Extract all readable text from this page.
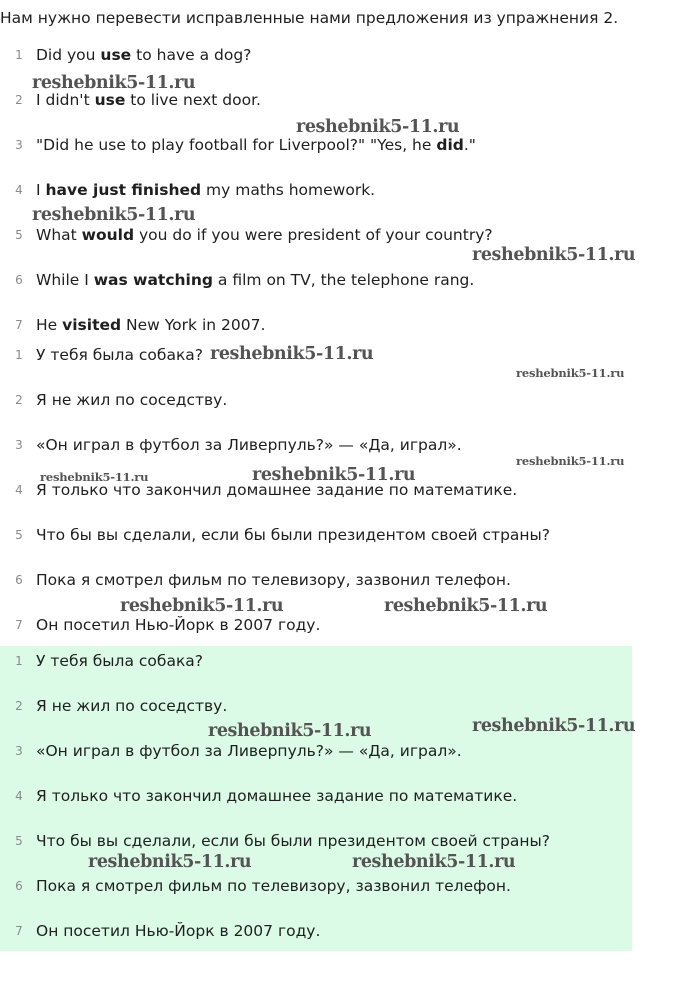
Нам нужно перевести исправленные нами предложения из упражнения 2.
1 Did you use to have a dog?
2 I didn't use to live next door.
3 "Did he use to play football for Liverpool?" "Yes, he did."
4 I have just finished my maths homework.
5 What would you do if you were president of your country?
6 While I was watching a film on TV, the telephone rang.
7 He visited New York in 2007.
1 У тебя была собака?
2 Я не жил по соседству.
3 «Он играл в футбол за Ливерпуль?» — «Да, играл».
4 Я только что закончил домашнее задание по математике.
5 Что бы вы сделали, если бы были президентом своей страны?
6 Пока я смотрел фильм по телевизору, зазвонил телефон.
7 Он посетил Нью-Йорк в 2007 году.
1 У тебя была собака?
2 Я не жил по соседству.
3 «Он играл в футбол за Ливерпуль?» — «Да, играл».
4 Я только что закончил домашнее задание по математике.
5 Что бы вы сделали, если бы были президентом своей страны?
6 Пока я смотрел фильм по телевизору, зазвонил телефон.
7 Он посетил Нью-Йорк в 2007 году.
reshebnik5-11.ru
reshebnik5-11.ru
reshebnik5-11.ru
reshebnik5-11.ru
reshebnik5-11.ru
reshebnik5-11.ru
reshebnik5-11.ru
reshebnik5-11.ru	reshebnik5-11.ru
reshebnik5-11.ru	reshebnik5-11.ru
reshebnik5-11.ru	reshebnik5-11.ru
reshebnik5-11.ru	reshebnik5-11.ru
